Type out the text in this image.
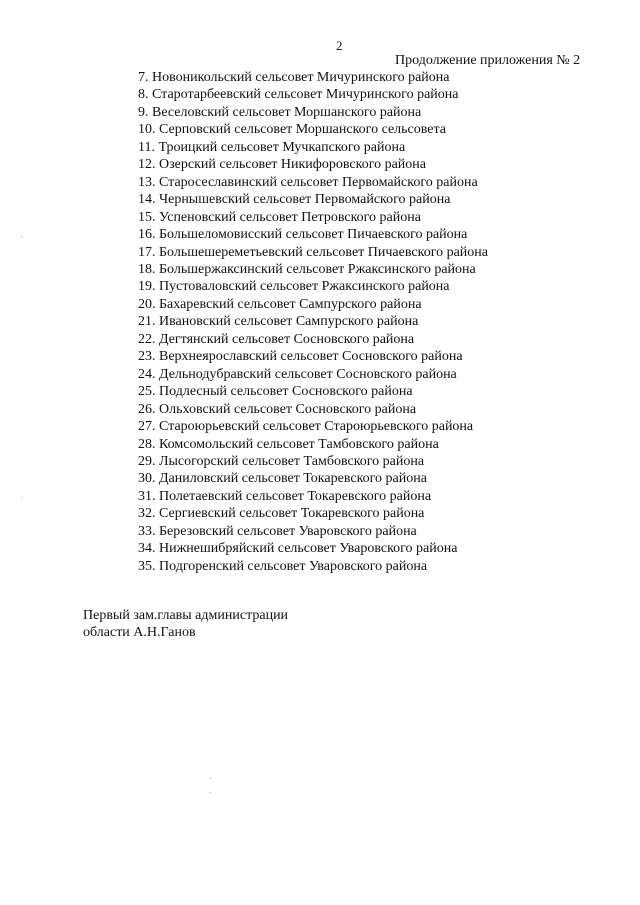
2
Продолжение приложения № 2
7. Новоникольский сельсовет Мичуринского района
8. Старотарбеевский сельсовет Мичуринского района
9. Веселовский сельсовет Моршанского района
10. Серповский сельсовет Моршанского сельсовета
11. Троицкий сельсовет Мучкапского района
12. Озерский сельсовет Никифоровского района
13. Старосеславинский сельсовет Первомайского района
14. Чернышевский сельсовет Первомайского района
15. Успеновский сельсовет Петровского района
16. Большеломовисский сельсовет Пичаевского района
17. Большешереметьевский сельсовет Пичаевского района
18. Большержаксинский сельсовет Ржаксинского района
19. Пустоваловский сельсовет Ржаксинского района
20. Бахаревский сельсовет Сампурского района
21. Ивановский сельсовет Сампурского района
22. Дегтянский сельсовет Сосновского района
23. Верхнеярославский сельсовет Сосновского района
24. Дельнодубравский сельсовет Сосновского района
25. Подлесный сельсовет Сосновского района
26. Ольховский сельсовет Сосновского района
27. Староюрьевский сельсовет Староюрьевского района
28. Комсомольский сельсовет Тамбовского района
29. Лысогорский сельсовет Тамбовского района
30. Даниловский сельсовет Токаревского района
31. Полетаевский сельсовет Токаревского района
32. Сергиевский сельсовет Токаревского района
33. Березовский сельсовет Уваровского района
34. Нижнешибряйский сельсовет Уваровского района
35. Подгоренский сельсовет Уваровского района
Первый зам.главы администрации
области А.Н.Ганов
